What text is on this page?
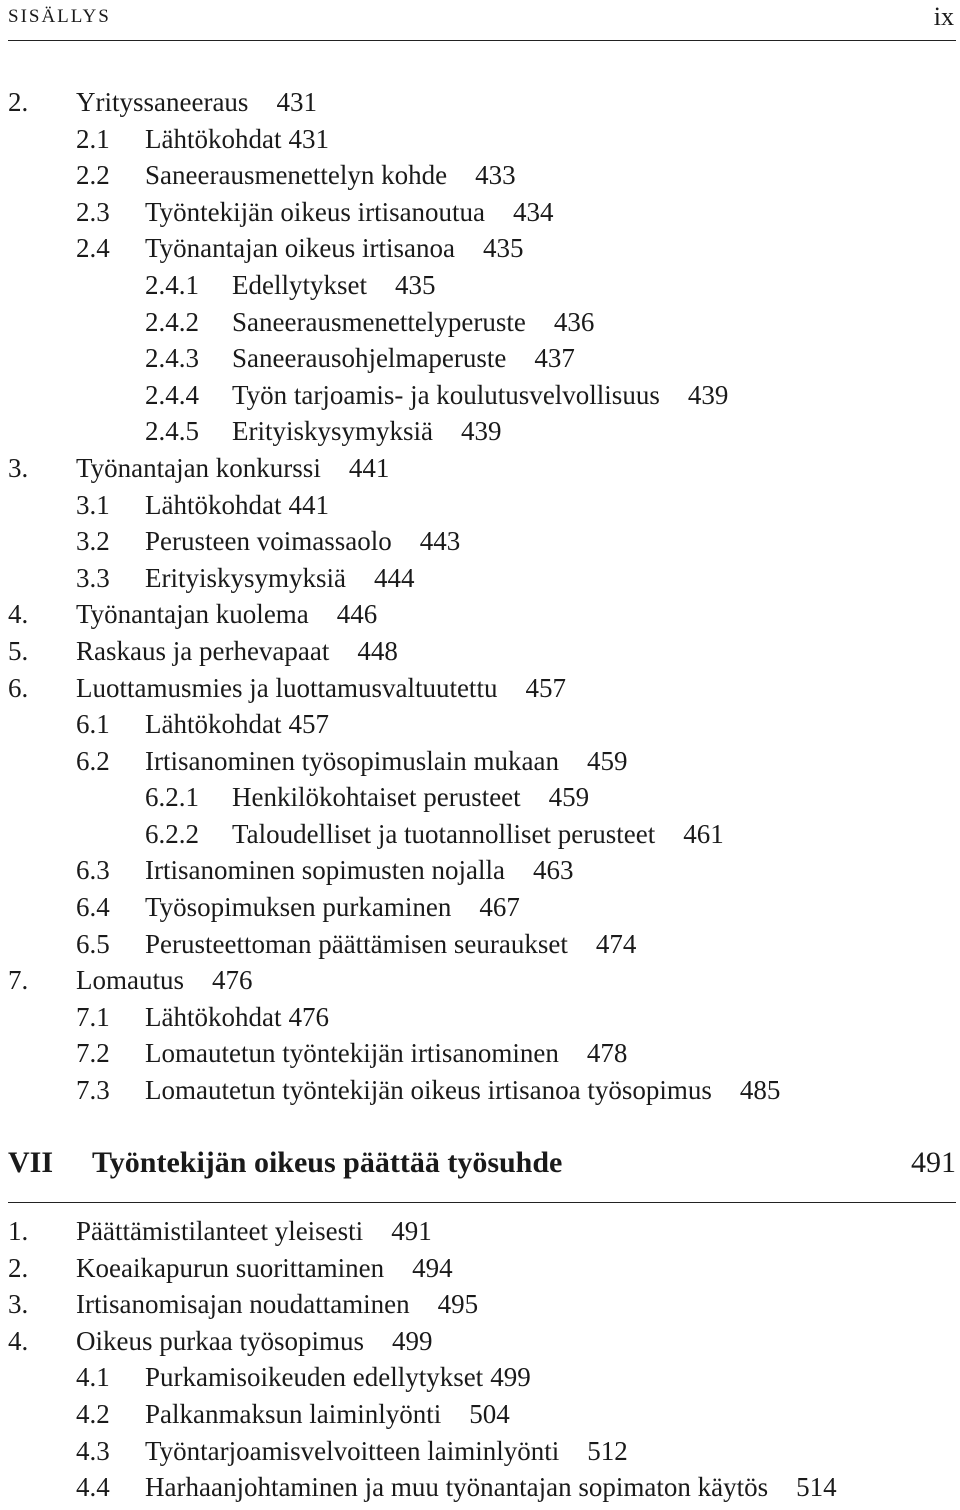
SISÄLLYS	ix
2. Yrityssaneeraus 431
2.1 Lähtökohdat 431
2.2 Saneerausmenettelyn kohde 433
2.3 Työntekijän oikeus irtisanoutua 434
2.4 Työnantajan oikeus irtisanoa 435
2.4.1 Edellytykset 435
2.4.2 Saneerausmenettelyperuste 436
2.4.3 Saneerausohjelmaperuste 437
2.4.4 Työn tarjoamis- ja koulutusvelvollisuus 439
2.4.5 Erityiskysymyksiä 439
3. Työnantajan konkurssi 441
3.1 Lähtökohdat 441
3.2 Perusteen voimassaolo 443
3.3 Erityiskysymyksiä 444
4. Työnantajan kuolema 446
5. Raskaus ja perhevapaat 448
6. Luottamusmies ja luottamusvaltuutettu 457
6.1 Lähtökohdat 457
6.2 Irtisanominen työsopimuslain mukaan 459
6.2.1 Henkilökohtaiset perusteet 459
6.2.2 Taloudelliset ja tuotannolliset perusteet 461
6.3 Irtisanominen sopimusten nojalla 463
6.4 Työsopimuksen purkaminen 467
6.5 Perusteettoman päättämisen seuraukset 474
7. Lomautus 476
7.1 Lähtökohdat 476
7.2 Lomautetun työntekijän irtisanominen 478
7.3 Lomautetun työntekijän oikeus irtisanoa työsopimus 485
VII Työntekijän oikeus päättää työsuhde	491
1. Päättämistilanteet yleisesti 491
2. Koeaikapurun suorittaminen 494
3. Irtisanomisajan noudattaminen 495
4. Oikeus purkaa työsopimus 499
4.1 Purkamisoikeuden edellytykset 499
4.2 Palkanmaksun laiminlyönti 504
4.3 Työntarjoamisvelvoitteen laiminlyönti 512
4.4 Harhaanjohtaminen ja muu työnantajan sopimaton käytös 514
